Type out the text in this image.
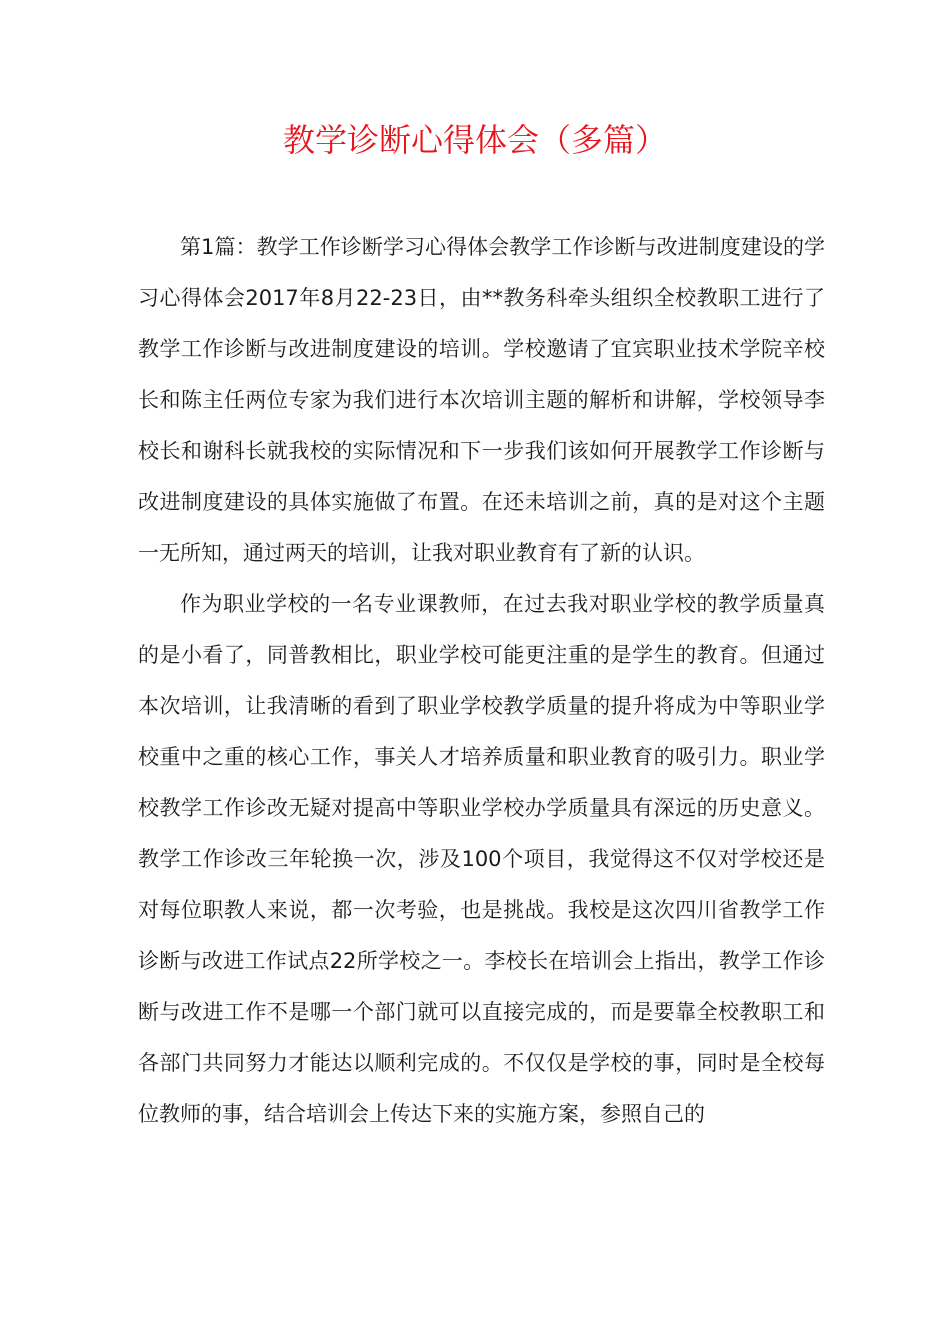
教学诊断心得体会（多篇）

第1篇：教学工作诊断学习心得体会教学工作诊断与改进制度建设的学习心得体会2017年8月22-23日，由**教务科牵头组织全校教职工进行了教学工作诊断与改进制度建设的培训。学校邀请了宜宾职业技术学院辛校长和陈主任两位专家为我们进行本次培训主题的解析和讲解，学校领导李校长和谢科长就我校的实际情况和下一步我们该如何开展教学工作诊断与改进制度建设的具体实施做了布置。在还未培训之前，真的是对这个主题一无所知，通过两天的培训，让我对职业教育有了新的认识。

作为职业学校的一名专业课教师，在过去我对职业学校的教学质量真的是小看了，同普教相比，职业学校可能更注重的是学生的教育。但通过本次培训，让我清晰的看到了职业学校教学质量的提升将成为中等职业学校重中之重的核心工作，事关人才培养质量和职业教育的吸引力。职业学校教学工作诊改无疑对提高中等职业学校办学质量具有深远的历史意义。教学工作诊改三年轮换一次，涉及100个项目，我觉得这不仅对学校还是对每位职教人来说，都一次考验，也是挑战。我校是这次四川省教学工作诊断与改进工作试点22所学校之一。李校长在培训会上指出，教学工作诊断与改进工作不是哪一个部门就可以直接完成的，而是要靠全校教职工和各部门共同努力才能达以顺利完成的。不仅仅是学校的事，同时是全校每位教师的事，结合培训会上传达下来的实施方案，参照自己的
